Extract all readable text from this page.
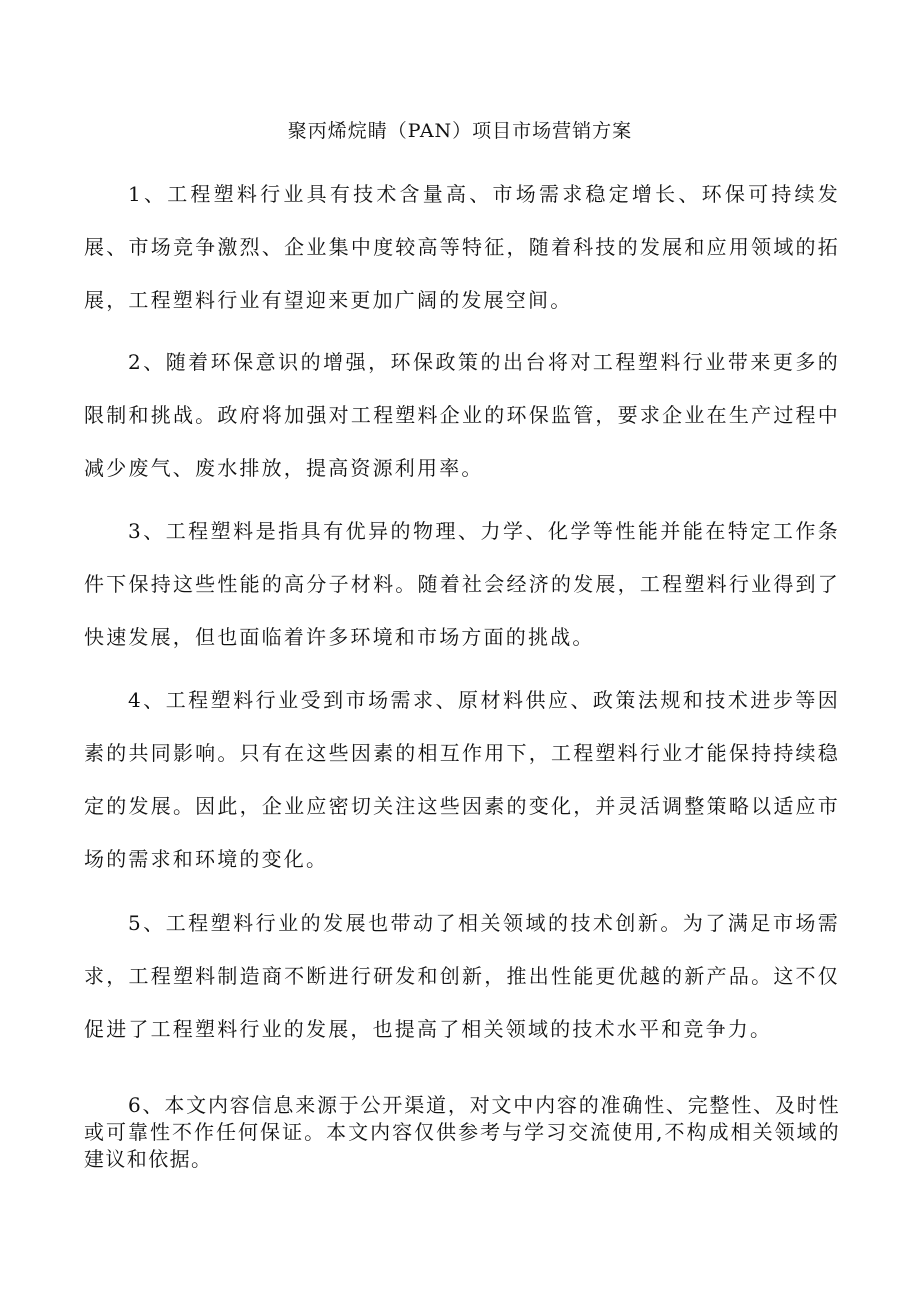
聚丙烯烷睛（PAN）项目市场营销方案

1、工程塑料行业具有技术含量高、市场需求稳定增长、环保可持续发展、市场竞争激烈、企业集中度较高等特征，随着科技的发展和应用领域的拓展，工程塑料行业有望迎来更加广阔的发展空间。

2、随着环保意识的增强，环保政策的出台将对工程塑料行业带来更多的限制和挑战。政府将加强对工程塑料企业的环保监管，要求企业在生产过程中减少废气、废水排放，提高资源利用率。

3、工程塑料是指具有优异的物理、力学、化学等性能并能在特定工作条件下保持这些性能的高分子材料。随着社会经济的发展，工程塑料行业得到了快速发展，但也面临着许多环境和市场方面的挑战。

4、工程塑料行业受到市场需求、原材料供应、政策法规和技术进步等因素的共同影响。只有在这些因素的相互作用下，工程塑料行业才能保持持续稳定的发展。因此，企业应密切关注这些因素的变化，并灵活调整策略以适应市场的需求和环境的变化。

5、工程塑料行业的发展也带动了相关领域的技术创新。为了满足市场需求，工程塑料制造商不断进行研发和创新，推出性能更优越的新产品。这不仅促进了工程塑料行业的发展，也提高了相关领域的技术水平和竞争力。

6、本文内容信息来源于公开渠道，对文中内容的准确性、完整性、及时性或可靠性不作任何保证。本文内容仅供参考与学习交流使用,不构成相关领域的建议和依据。
